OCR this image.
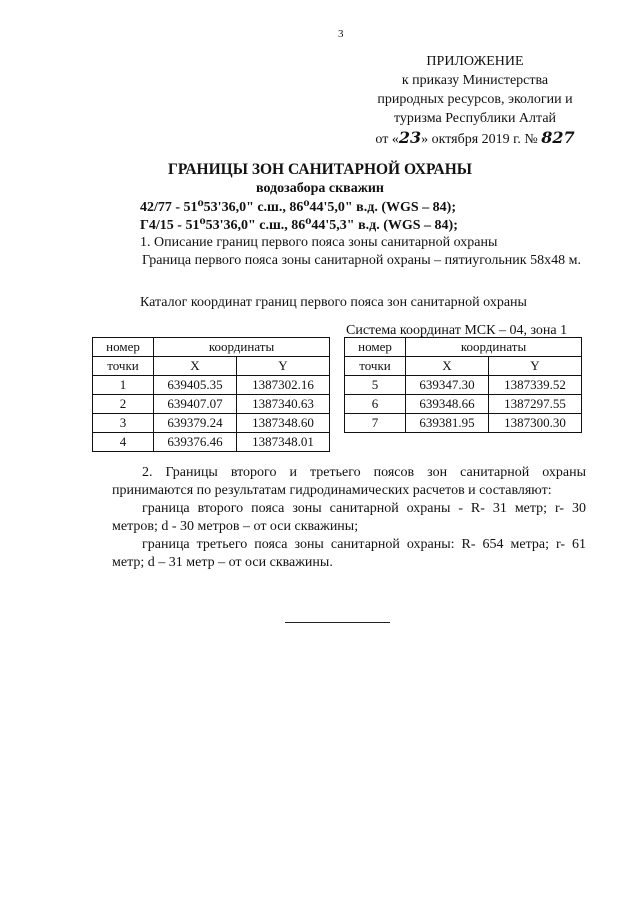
3
ПРИЛОЖЕНИЕ
к приказу Министерства
природных ресурсов, экологии и
туризма Республики Алтай
от «23» октября 2019 г. № 827
ГРАНИЦЫ ЗОН САНИТАРНОЙ ОХРАНЫ
водозабора скважин
42/77 - 51⁰53'36,0" с.ш., 86⁰44'5,0" в.д. (WGS – 84);
Г4/15 - 51⁰53'36,0" с.ш., 86⁰44'5,3" в.д. (WGS – 84);
1. Описание границ первого пояса зоны санитарной охраны
Граница первого пояса зоны санитарной охраны – пятиугольник 58х48 м.
Каталог координат границ первого пояса зон санитарной охраны
Система координат МСК – 04, зона 1
номер	координаты	
точки	X	Y
1	639405.35	1387302.16
2	639407.07	1387340.63
3	639379.24	1387348.60
4	639376.46	1387348.01
номер	координаты	
точки	X	Y
5	639347.30	1387339.52
6	639348.66	1387297.55
7	639381.95	1387300.30
2. Границы второго и третьего поясов зон санитарной охраны принимаются по результатам гидродинамических расчетов и составляют:
граница второго пояса зоны санитарной охраны - R- 31 метр; r- 30 метров; d - 30 метров – от оси скважины;
граница третьего пояса зоны санитарной охраны: R- 654 метра; r- 61 метр; d – 31 метр – от оси скважины.
